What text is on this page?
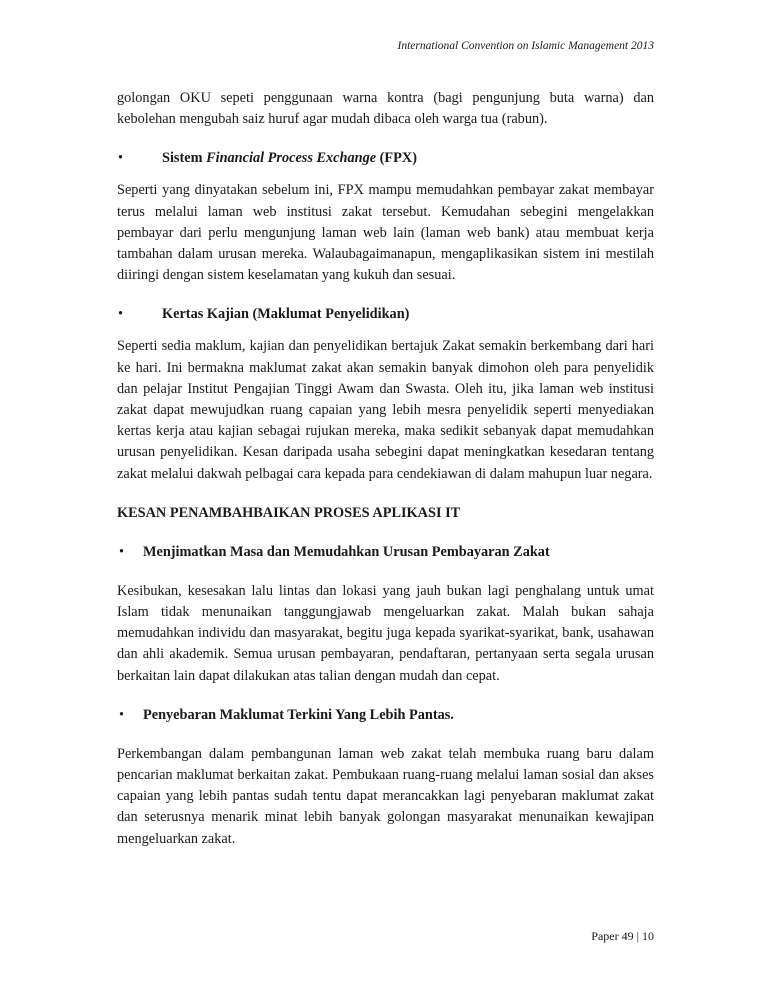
International Convention on Islamic Management 2013

golongan OKU sepeti penggunaan warna kontra (bagi pengunjung buta warna) dan kebolehan mengubah saiz huruf agar mudah dibaca oleh warga tua (rabun).

•	Sistem Financial Process Exchange (FPX)

Seperti yang dinyatakan sebelum ini, FPX mampu memudahkan pembayar zakat membayar terus melalui laman web institusi zakat tersebut. Kemudahan sebegini mengelakkan pembayar dari perlu mengunjung laman web lain (laman web bank) atau membuat kerja tambahan dalam urusan mereka. Walaubagaimanapun, mengaplikasikan sistem ini mestilah diiringi dengan sistem keselamatan yang kukuh dan sesuai.

•	Kertas Kajian (Maklumat Penyelidikan)

Seperti sedia maklum, kajian dan penyelidikan bertajuk Zakat semakin berkembang dari hari ke hari. Ini bermakna maklumat zakat akan semakin banyak dimohon oleh para penyelidik dan pelajar Institut Pengajian Tinggi Awam dan Swasta. Oleh itu, jika laman web institusi zakat dapat mewujudkan ruang capaian yang lebih mesra penyelidik seperti menyediakan kertas kerja atau kajian sebagai rujukan mereka, maka sedikit sebanyak dapat memudahkan urusan penyelidikan. Kesan daripada usaha sebegini dapat meningkatkan kesedaran tentang zakat melalui dakwah pelbagai cara kepada para cendekiawan di dalam mahupun luar negara.

KESAN PENAMBAHBAIKAN PROSES APLIKASI IT

•	Menjimatkan Masa dan Memudahkan Urusan Pembayaran Zakat

Kesibukan, kesesakan lalu lintas dan lokasi yang jauh bukan lagi penghalang untuk umat Islam tidak menunaikan tanggungjawab mengeluarkan zakat. Malah bukan sahaja memudahkan individu dan masyarakat, begitu juga kepada syarikat-syarikat, bank, usahawan dan ahli akademik. Semua urusan pembayaran, pendaftaran, pertanyaan serta segala urusan berkaitan lain dapat dilakukan atas talian dengan mudah dan cepat.

•	Penyebaran Maklumat Terkini Yang Lebih Pantas.

Perkembangan dalam pembangunan laman web zakat telah membuka ruang baru dalam pencarian maklumat berkaitan zakat. Pembukaan ruang-ruang melalui laman sosial dan akses capaian yang lebih pantas sudah tentu dapat merancakkan lagi penyebaran maklumat zakat dan seterusnya menarik minat lebih banyak golongan masyarakat menunaikan kewajipan mengeluarkan zakat.

Paper 49 | 10
